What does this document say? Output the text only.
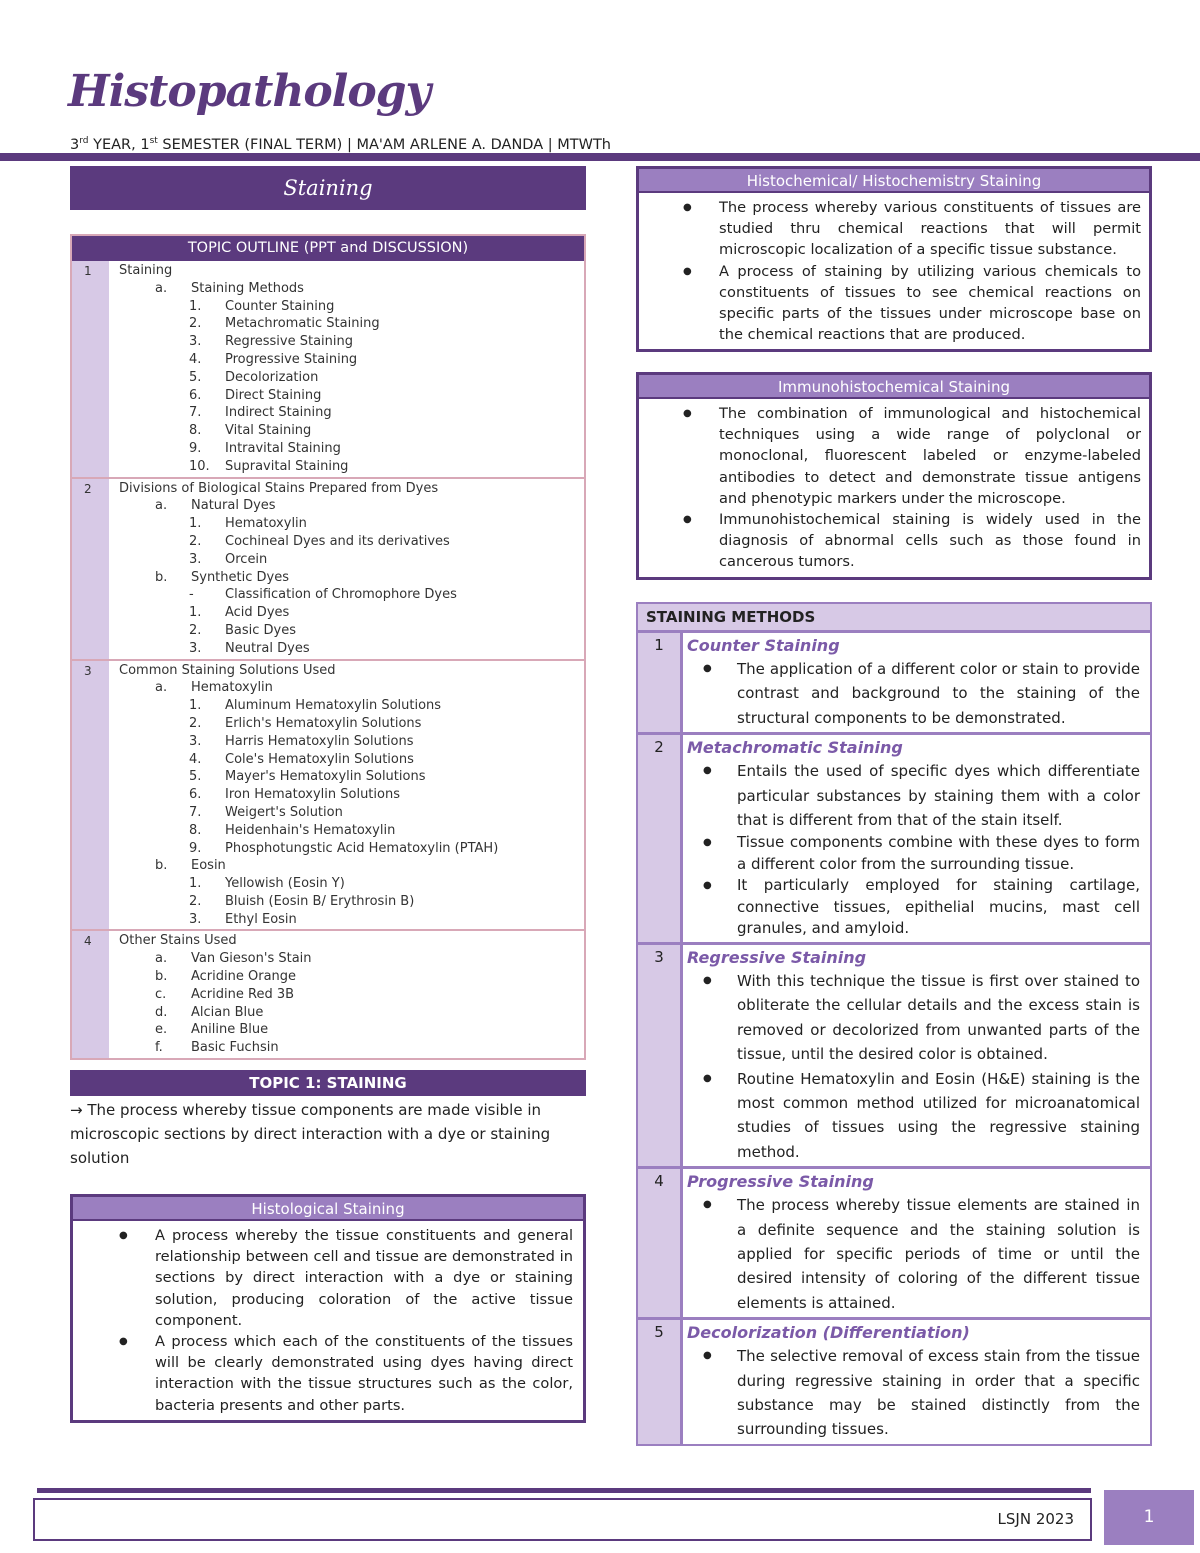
Histopathology
3rd YEAR, 1st SEMESTER (FINAL TERM) | MA'AM ARLENE A. DANDA | MTWTh
Staining
TOPIC OUTLINE (PPT and DISCUSSION)
1	Staining
a. Staining Methods
1. Counter Staining
2. Metachromatic Staining
3. Regressive Staining
4. Progressive Staining
5. Decolorization
6. Direct Staining
7. Indirect Staining
8. Vital Staining
9. Intravital Staining
10. Supravital Staining
2	Divisions of Biological Stains Prepared from Dyes
a. Natural Dyes
1. Hematoxylin
2. Cochineal Dyes and its derivatives
3. Orcein
b. Synthetic Dyes
- Classification of Chromophore Dyes
1. Acid Dyes
2. Basic Dyes
3. Neutral Dyes
3	Common Staining Solutions Used
a. Hematoxylin
1. Aluminum Hematoxylin Solutions
2. Erlich's Hematoxylin Solutions
3. Harris Hematoxylin Solutions
4. Cole's Hematoxylin Solutions
5. Mayer's Hematoxylin Solutions
6. Iron Hematoxylin Solutions
7. Weigert's Solution
8. Heidenhain's Hematoxylin
9. Phosphotungstic Acid Hematoxylin (PTAH)
b. Eosin
1. Yellowish (Eosin Y)
2. Bluish (Eosin B/ Erythrosin B)
3. Ethyl Eosin
4	Other Stains Used
a. Van Gieson's Stain
b. Acridine Orange
c. Acridine Red 3B
d. Alcian Blue
e. Aniline Blue
f. Basic Fuchsin
TOPIC 1: STAINING
→ The process whereby tissue components are made visible in microscopic sections by direct interaction with a dye or staining solution
Histological Staining
● A process whereby the tissue constituents and general relationship between cell and tissue are demonstrated in sections by direct interaction with a dye or staining solution, producing coloration of the active tissue component.
● A process which each of the constituents of the tissues will be clearly demonstrated using dyes having direct interaction with the tissue structures such as the color, bacteria presents and other parts.
Histochemical/ Histochemistry Staining
● The process whereby various constituents of tissues are studied thru chemical reactions that will permit microscopic localization of a specific tissue substance.
● A process of staining by utilizing various chemicals to constituents of tissues to see chemical reactions on specific parts of the tissues under microscope base on the chemical reactions that are produced.
Immunohistochemical Staining
● The combination of immunological and histochemical techniques using a wide range of polyclonal or monoclonal, fluorescent labeled or enzyme-labeled antibodies to detect and demonstrate tissue antigens and phenotypic markers under the microscope.
● Immunohistochemical staining is widely used in the diagnosis of abnormal cells such as those found in cancerous tumors.
STAINING METHODS
1	Counter Staining
● The application of a different color or stain to provide contrast and background to the staining of the structural components to be demonstrated.
2	Metachromatic Staining
● Entails the used of specific dyes which differentiate particular substances by staining them with a color that is different from that of the stain itself.
● Tissue components combine with these dyes to form a different color from the surrounding tissue.
● It particularly employed for staining cartilage, connective tissues, epithelial mucins, mast cell granules, and amyloid.
3	Regressive Staining
● With this technique the tissue is first over stained to obliterate the cellular details and the excess stain is removed or decolorized from unwanted parts of the tissue, until the desired color is obtained.
● Routine Hematoxylin and Eosin (H&E) staining is the most common method utilized for microanatomical studies of tissues using the regressive staining method.
4	Progressive Staining
● The process whereby tissue elements are stained in a definite sequence and the staining solution is applied for specific periods of time or until the desired intensity of coloring of the different tissue elements is attained.
5	Decolorization (Differentiation)
● The selective removal of excess stain from the tissue during regressive staining in order that a specific substance may be stained distinctly from the surrounding tissues.
LSJN 2023	1
